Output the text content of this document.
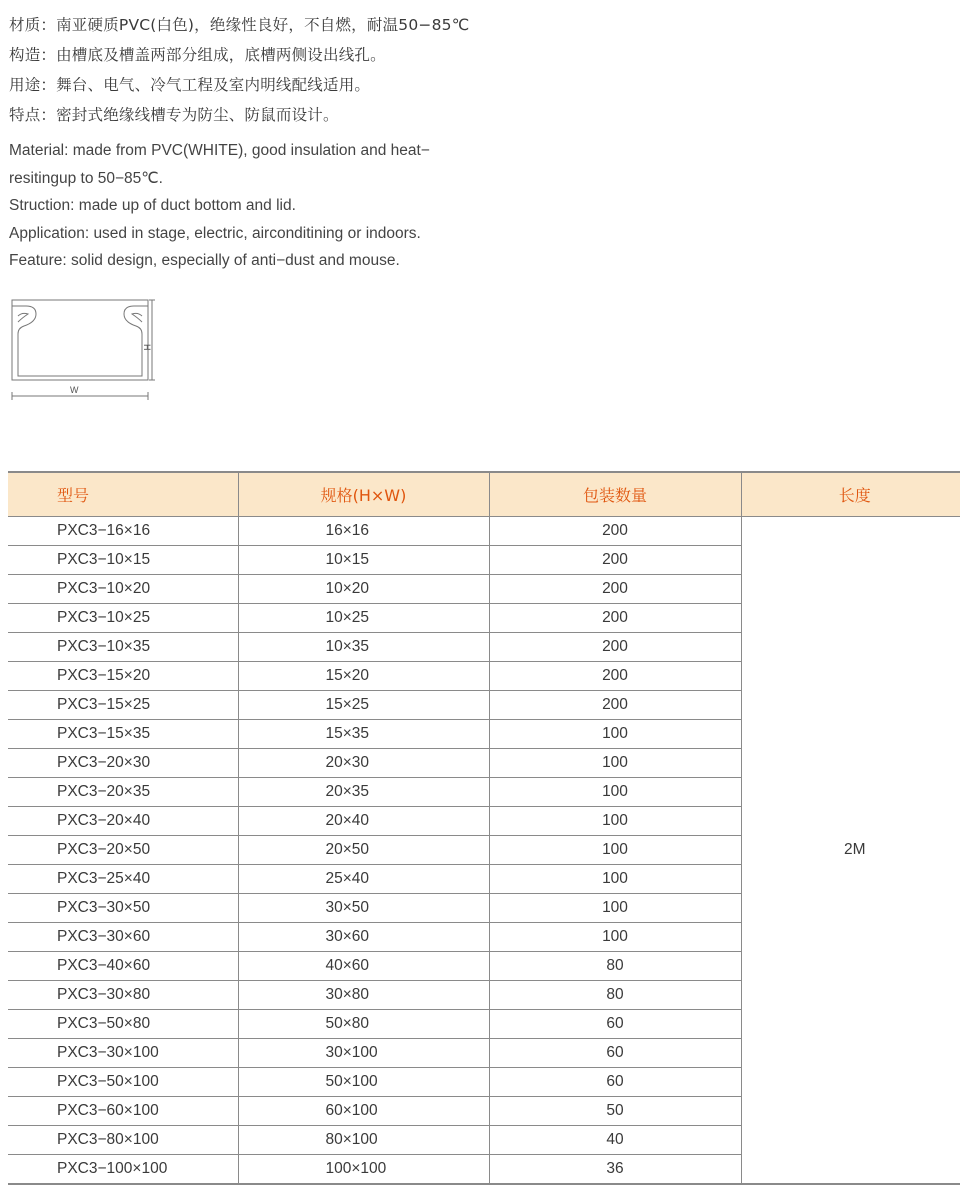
材质：南亚硬质PVC(白色)，绝缘性良好，不自燃，耐温50−85℃
构造：由槽底及槽盖两部分组成，底槽两侧设出线孔。
用途：舞台、电气、冷气工程及室内明线配线适用。
特点：密封式绝缘线槽专为防尘、防鼠而设计。
Material: made from PVC(WHITE), good insulation and heat−
resitingup to 50−85℃.
Struction: made up of duct bottom and lid.
Application: used in stage, electric, airconditining or indoors.
Feature: solid design, especially of anti−dust and mouse.
H
W
型号	规格(H×W)	包装数量	长度
PXC3−16×16	16×16	200	2M
PXC3−10×15	10×15	200	
PXC3−10×20	10×20	200	
PXC3−10×25	10×25	200	
PXC3−10×35	10×35	200	
PXC3−15×20	15×20	200	
PXC3−15×25	15×25	200	
PXC3−15×35	15×35	100	
PXC3−20×30	20×30	100	
PXC3−20×35	20×35	100	
PXC3−20×40	20×40	100	
PXC3−20×50	20×50	100	
PXC3−25×40	25×40	100	
PXC3−30×50	30×50	100	
PXC3−30×60	30×60	100	
PXC3−40×60	40×60	80	
PXC3−30×80	30×80	80	
PXC3−50×80	50×80	60	
PXC3−30×100	30×100	60	
PXC3−50×100	50×100	60	
PXC3−60×100	60×100	50	
PXC3−80×100	80×100	40	
PXC3−100×100	100×100	36	
